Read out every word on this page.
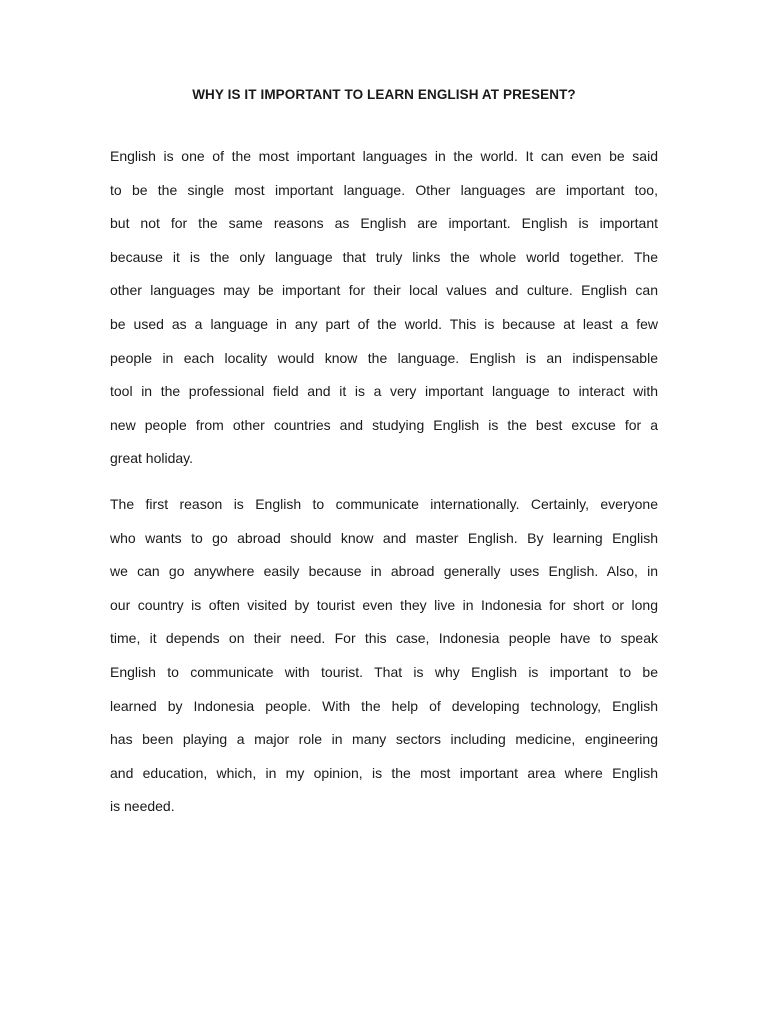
WHY IS IT IMPORTANT TO LEARN ENGLISH AT PRESENT?
English is one of the most important languages in the world. It can even be said
to be the single most important language. Other languages are important too,
but not for the same reasons as English are important. English is important
because it is the only language that truly links the whole world together. The
other languages may be important for their local values and culture. English can
be used as a language in any part of the world. This is because at least a few
people in each locality would know the language. English is an indispensable
tool in the professional field and it is a very important language to interact with
new people from other countries and studying English is the best excuse for a
great holiday.
The first reason is English to communicate internationally. Certainly, everyone
who wants to go abroad should know and master English. By learning English
we can go anywhere easily because in abroad generally uses English. Also, in
our country is often visited by tourist even they live in Indonesia for short or long
time, it depends on their need. For this case, Indonesia people have to speak
English to communicate with tourist. That is why English is important to be
learned by Indonesia people. With the help of developing technology, English
has been playing a major role in many sectors including medicine, engineering
and education, which, in my opinion, is the most important area where English
is needed.
